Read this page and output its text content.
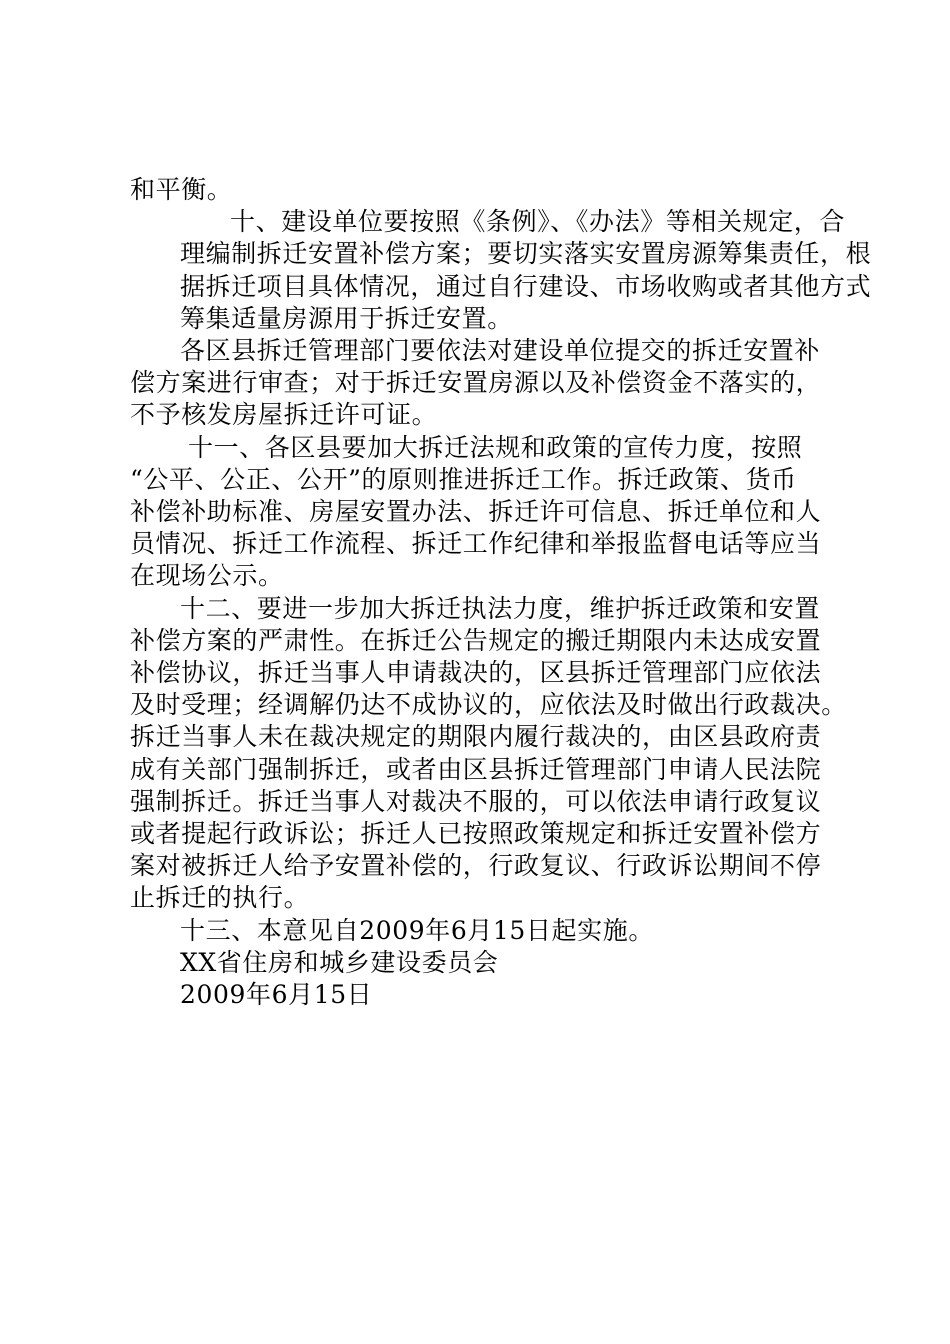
和平衡。

十、建设单位要按照《条例》、《办法》等相关规定，合
理编制拆迁安置补偿方案；要切实落实安置房源筹集责任，根
据拆迁项目具体情况，通过自行建设、市场收购或者其他方式
筹集适量房源用于拆迁安置。

各区县拆迁管理部门要依法对建设单位提交的拆迁安置补
偿方案进行审查；对于拆迁安置房源以及补偿资金不落实的，
不予核发房屋拆迁许可证。

十一、各区县要加大拆迁法规和政策的宣传力度，按照
“公平、公正、公开”的原则推进拆迁工作。拆迁政策、货币
补偿补助标准、房屋安置办法、拆迁许可信息、拆迁单位和人
员情况、拆迁工作流程、拆迁工作纪律和举报监督电话等应当
在现场公示。

十二、要进一步加大拆迁执法力度，维护拆迁政策和安置
补偿方案的严肃性。在拆迁公告规定的搬迁期限内未达成安置
补偿协议，拆迁当事人申请裁决的，区县拆迁管理部门应依法
及时受理；经调解仍达不成协议的，应依法及时做出行政裁决。
拆迁当事人未在裁决规定的期限内履行裁决的，由区县政府责
成有关部门强制拆迁，或者由区县拆迁管理部门申请人民法院
强制拆迁。拆迁当事人对裁决不服的，可以依法申请行政复议
或者提起行政诉讼；拆迁人已按照政策规定和拆迁安置补偿方
案对被拆迁人给予安置补偿的，行政复议、行政诉讼期间不停
止拆迁的执行。

十三、本意见自2009年6月15日起实施。

XX省住房和城乡建设委员会

2009年6月15日
